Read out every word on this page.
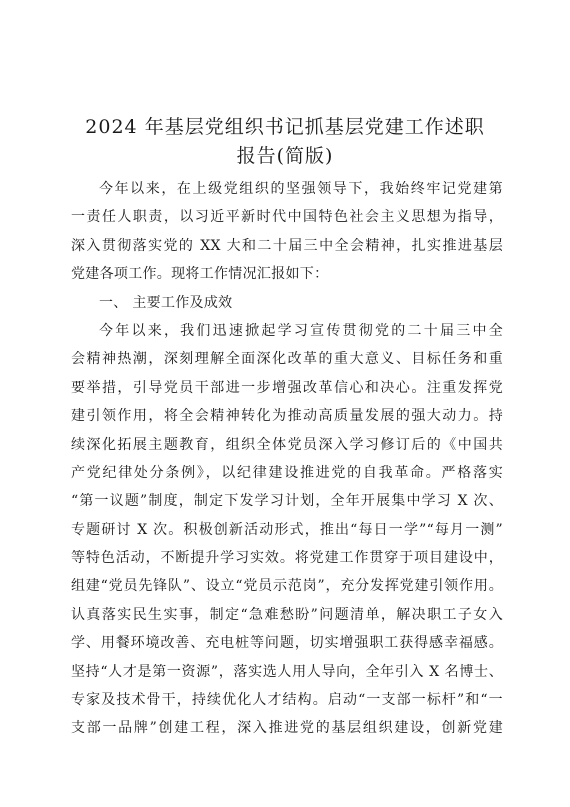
2024 年基层党组织书记抓基层党建工作述职
报告(简版)
今年以来，在上级党组织的坚强领导下，我始终牢记党建第
一责任人职责，以习近平新时代中国特色社会主义思想为指导，
深入贯彻落实党的 XX 大和二十届三中全会精神，扎实推进基层
党建各项工作。现将工作情况汇报如下：
一、 主要工作及成效
今年以来，我们迅速掀起学习宣传贯彻党的二十届三中全
会精神热潮，深刻理解全面深化改革的重大意义、目标任务和重
要举措，引导党员干部进一步增强改革信心和决心。注重发挥党
建引领作用，将全会精神转化为推动高质量发展的强大动力。持
续深化拓展主题教育，组织全体党员深入学习修订后的《中国共
产党纪律处分条例》，以纪律建设推进党的自我革命。严格落实
“第一议题”制度，制定下发学习计划，全年开展集中学习 X 次、
专题研讨 X 次。积极创新活动形式，推出“每日一学”“每月一测”
等特色活动，不断提升学习实效。将党建工作贯穿于项目建设中，
组建“党员先锋队”、设立“党员示范岗”，充分发挥党建引领作用。
认真落实民生实事，制定“急难愁盼”问题清单，解决职工子女入
学、用餐环境改善、充电桩等问题，切实增强职工获得感幸福感。
坚持“人才是第一资源”，落实选人用人导向，全年引入 X 名博士、
专家及技术骨干，持续优化人才结构。启动“一支部一标杆”和“一
支部一品牌”创建工程，深入推进党的基层组织建设，创新党建
